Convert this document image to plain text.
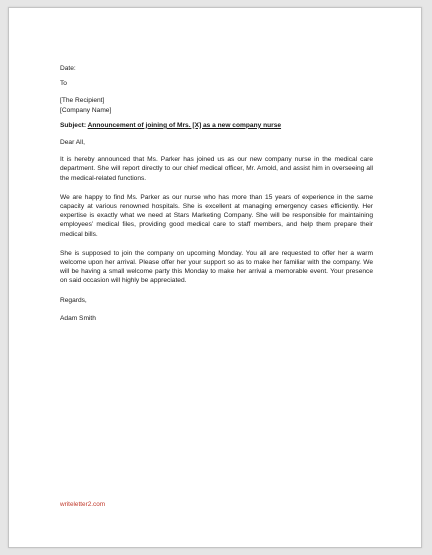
Date:
To
[The Recipient]
[Company Name]
Subject: Announcement of joining of Mrs. [X] as a new company nurse
Dear All,

It is hereby announced that Ms. Parker has joined us as our new company nurse in the medical care department. She will report directly to our chief medical officer, Mr. Arnold, and assist him in overseeing all the medical-related functions.

We are happy to find Ms. Parker as our nurse who has more than 15 years of experience in the same capacity at various renowned hospitals. She is excellent at managing emergency cases efficiently. Her expertise is exactly what we need at Stars Marketing Company. She will be responsible for maintaining employees’ medical files, providing good medical care to staff members, and help them prepare their medical bills.

She is supposed to join the company on upcoming Monday. You all are requested to offer her a warm welcome upon her arrival. Please offer her your support so as to make her familiar with the company. We will be having a small welcome party this Monday to make her arrival a memorable event. Your presence on said occasion will highly be appreciated.

Regards,
Adam Smith
writeletter2.com
